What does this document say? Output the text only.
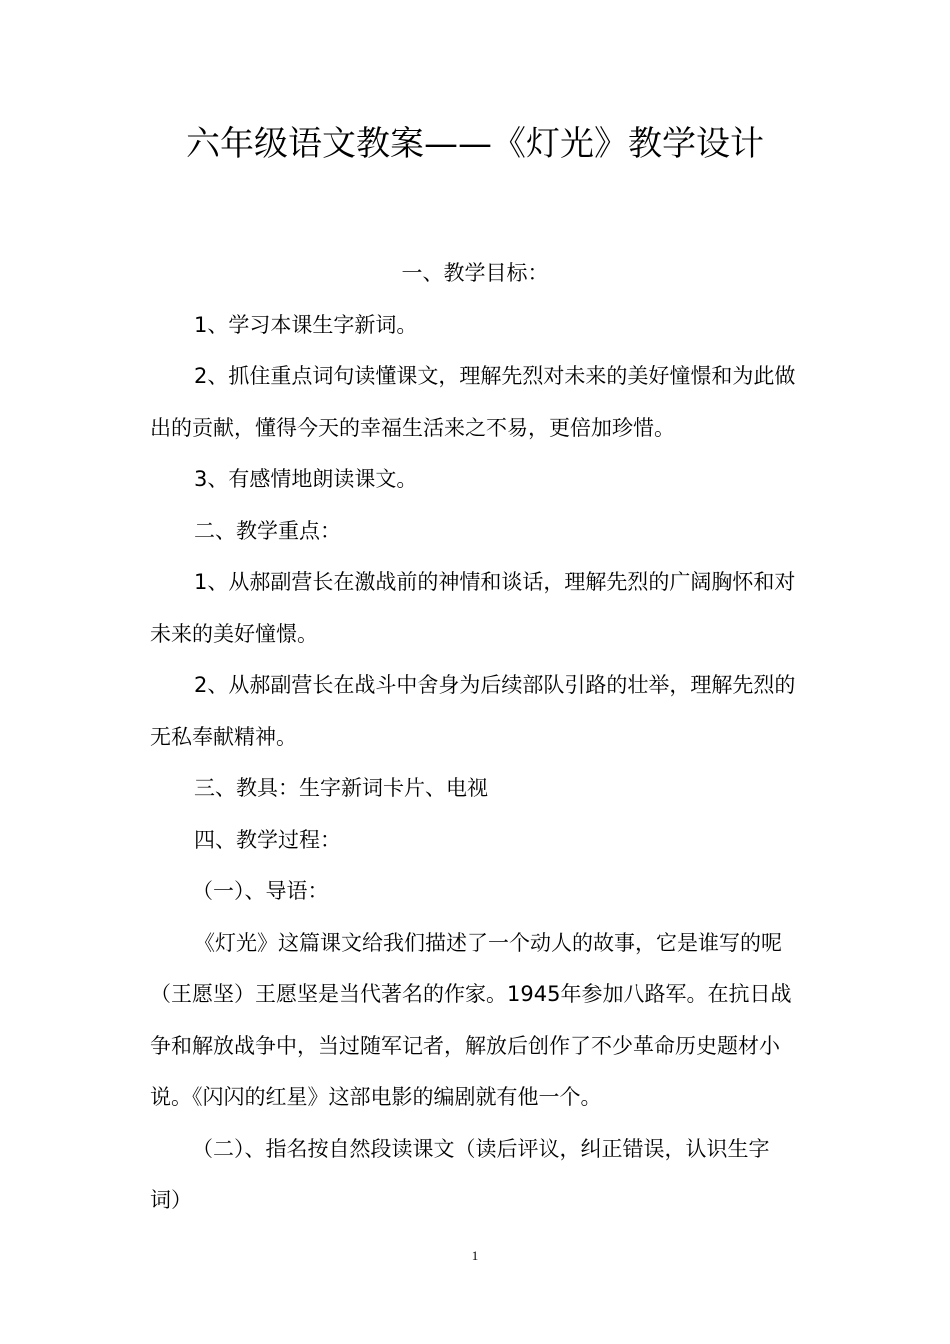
六年级语文教案——《灯光》教学设计

一、教学目标：

1、学习本课生字新词。

2、抓住重点词句读懂课文，理解先烈对未来的美好憧憬和为此做出的贡献，懂得今天的幸福生活来之不易，更倍加珍惜。

3、有感情地朗读课文。

二、教学重点：

1、从郝副营长在激战前的神情和谈话，理解先烈的广阔胸怀和对未来的美好憧憬。

2、从郝副营长在战斗中舍身为后续部队引路的壮举，理解先烈的无私奉献精神。

三、教具：生字新词卡片、电视

四、教学过程：

（一）、导语：

《灯光》这篇课文给我们描述了一个动人的故事，它是谁写的呢（王愿坚）王愿坚是当代著名的作家。1945年参加八路军。在抗日战争和解放战争中，当过随军记者，解放后创作了不少革命历史题材小说。《闪闪的红星》这部电影的编剧就有他一个。

（二）、指名按自然段读课文（读后评议，纠正错误，认识生字词）

1
